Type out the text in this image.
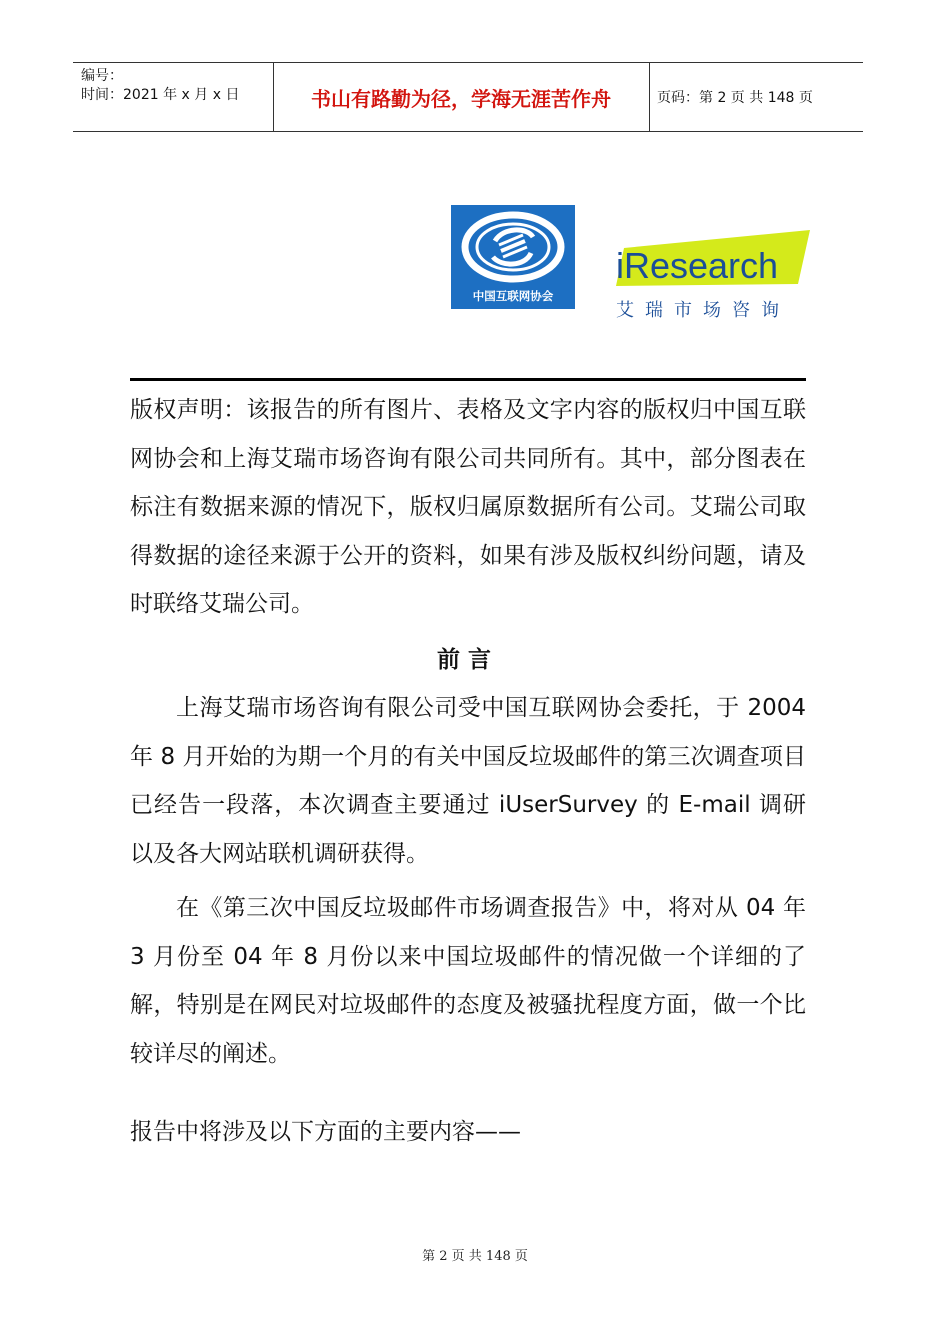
编号：
时间：2021 年 x 月 x 日	书山有路勤为径，学海无涯苦作舟	页码：第 2 页 共 148 页
中国互联网协会
iResearch
艾瑞市场咨询
版权声明：该报告的所有图片、表格及文字内容的版权归中国互联网协会和上海艾瑞市场咨询有限公司共同所有。其中，部分图表在标注有数据来源的情况下，版权归属原数据所有公司。艾瑞公司取得数据的途径来源于公开的资料，如果有涉及版权纠纷问题，请及时联络艾瑞公司。
前言
上海艾瑞市场咨询有限公司受中国互联网协会委托，于 2004 年 8 月开始的为期一个月的有关中国反垃圾邮件的第三次调查项目已经告一段落，本次调查主要通过 iUserSurvey 的 E-mail 调研以及各大网站联机调研获得。
在《第三次中国反垃圾邮件市场调查报告》中，将对从 04 年 3 月份至 04 年 8 月份以来中国垃圾邮件的情况做一个详细的了解，特别是在网民对垃圾邮件的态度及被骚扰程度方面，做一个比较详尽的阐述。
报告中将涉及以下方面的主要内容——
第 2 页 共 148 页
